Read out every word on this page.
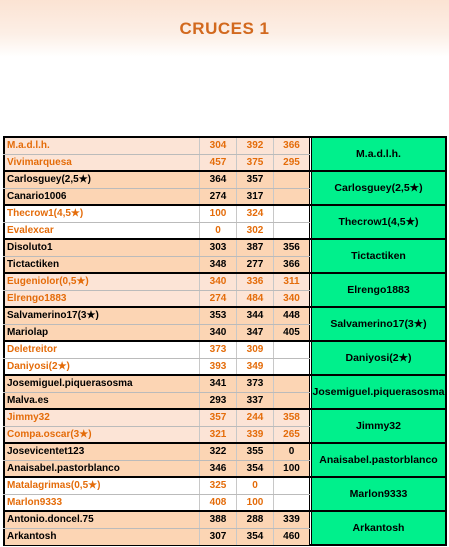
CRUCES 1
M.a.d.l.h.	304	392	366
Vivimarquesa	457	375	295
M.a.d.l.h.
Carlosguey(2,5★)	364	357
Canario1006	274	317
Carlosguey(2,5★)
Thecrow1(4,5★)	100	324
Evalexcar	0	302
Thecrow1(4,5★)
Disoluto1	303	387	356
Tictactiken	348	277	366
Tictactiken
Eugeniolor(0,5★)	340	336	311
Elrengo1883	274	484	340
Elrengo1883
Salvamerino17(3★)	353	344	448
Mariolap	340	347	405
Salvamerino17(3★)
Deletreitor	373	309
Daniyosi(2★)	393	349
Daniyosi(2★)
Josemiguel.piquerasosma	341	373
Malva.es	293	337
Josemiguel.piquerasosma
Jimmy32	357	244	358
Compa.oscar(3★)	321	339	265
Jimmy32
Josevicentet123	322	355	0
Anaisabel.pastorblanco	346	354	100
Anaisabel.pastorblanco
Matalagrimas(0,5★)	325	0
Marlon9333	408	100
Marlon9333
Antonio.doncel.75	388	288	339
Arkantosh	307	354	460
Arkantosh
